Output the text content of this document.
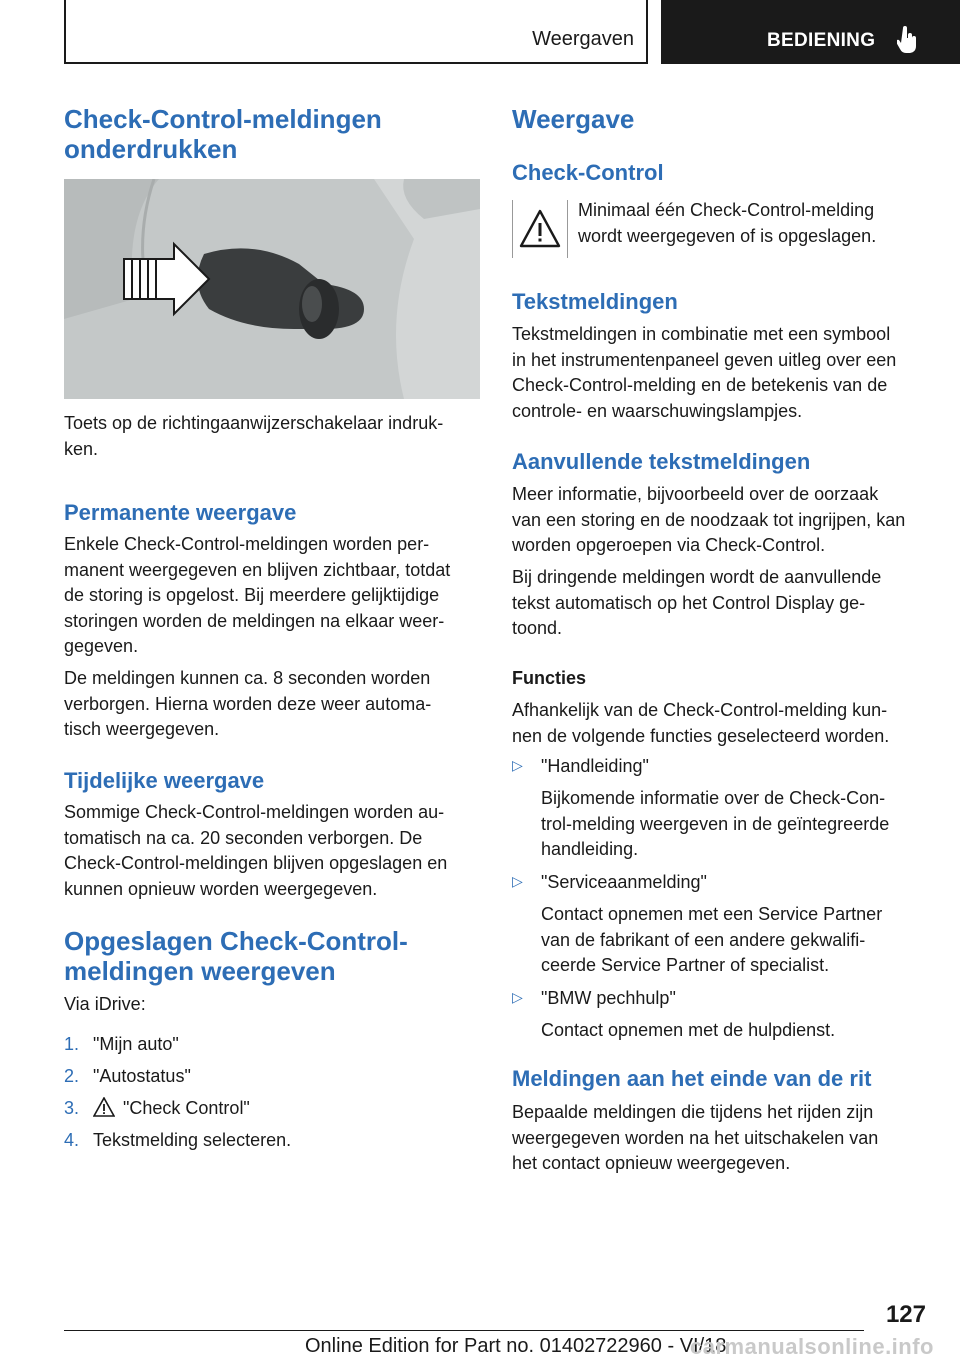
Weergaven	BEDIENING
Check-Control-meldingen
onderdrukken

Toets op de richtingaanwijzerschakelaar indruk-
ken.

Permanente weergave

Enkele Check-Control-meldingen worden per-
manent weergegeven en blijven zichtbaar, totdat
de storing is opgelost. Bij meerdere gelijktijdige
storingen worden de meldingen na elkaar weer-
gegeven.

De meldingen kunnen ca. 8 seconden worden
verborgen. Hierna worden deze weer automa-
tisch weergegeven.

Tijdelijke weergave

Sommige Check-Control-meldingen worden au-
tomatisch na ca. 20 seconden verborgen. De
Check-Control-meldingen blijven opgeslagen en
kunnen opnieuw worden weergegeven.

Opgeslagen Check-Control-
meldingen weergeven

Via iDrive:

1. "Mijn auto"
2. "Autostatus"
3.	"Check Control"
4. Tekstmelding selecteren.
Weergave
Check-Control

Minimaal één Check-Control-melding
wordt weergegeven of is opgeslagen.

Tekstmeldingen

Tekstmeldingen in combinatie met een symbool
in het instrumentenpaneel geven uitleg over een
Check-Control-melding en de betekenis van de
controle- en waarschuwingslampjes.

Aanvullende tekstmeldingen

Meer informatie, bijvoorbeeld over de oorzaak
van een storing en de noodzaak tot ingrijpen, kan
worden opgeroepen via Check-Control.

Bij dringende meldingen wordt de aanvullende
tekst automatisch op het Control Display ge-
toond.

Functies

Afhankelijk van de Check-Control-melding kun-
nen de volgende functies geselecteerd worden.

▷ "Handleiding"
Bijkomende informatie over de Check-Con-
trol-melding weergeven in de geïntegreerde
handleiding.
▷ "Serviceaanmelding"
Contact opnemen met een Service Partner
van de fabrikant of een andere gekwalifi-
ceerde Service Partner of specialist.
▷ "BMW pechhulp"
Contact opnemen met de hulpdienst.
Meldingen aan het einde van de rit

Bepaalde meldingen die tijdens het rijden zijn
weergegeven worden na het uitschakelen van
het contact opnieuw weergegeven.

127
Online Edition for Part no. 01402722960 - VI/18
carmanualsonline.info
